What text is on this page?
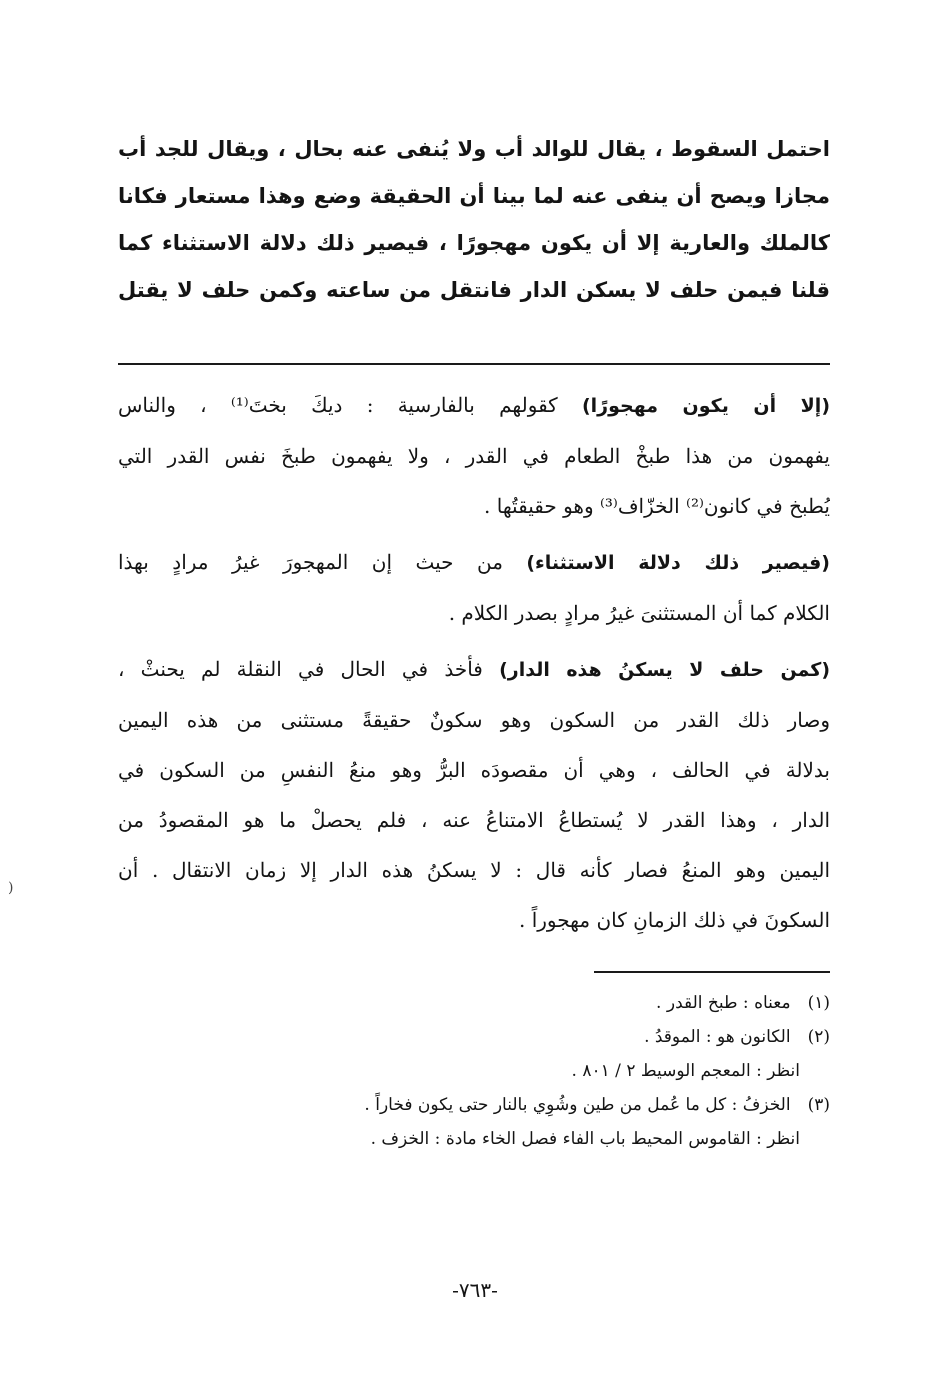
احتمل السقوط ، يقال للوالد أب ولا يُنفى عنه بحال ، ويقال للجد أب
مجازا ويصح أن ينفى عنه لما بينا أن الحقيقة وضع وهذا مستعار فكانا
كالملك والعارية إلا أن يكون مهجورًا ، فيصير ذلك دلالة الاستثناء كما
قلنا فيمن حلف لا يسكن الدار فانتقل من ساعته وكمن حلف لا يقتل
(إلا أن يكون مهجورًا) كقولهم بالفارسية : ديكَ بختَ⁽¹⁾ ، والناس
يفهمون من هذا طبخْ الطعام في القدر ، ولا يفهمون طبخَ نفس القدر التي
يُطبخ في كانون⁽²⁾ الخزّاف⁽³⁾ وهو حقيقتُها .
(فيصير ذلك دلالة الاستثناء) من حيث إن المهجورَ غيرُ مرادٍ بهذا
الكلام كما أن المستثنىَ غيرُ مرادٍ بصدر الكلام .
(كمن حلف لا يسكنُ هذه الدار) فأخذ في الحال في النقلة لم يحنثْ ،
وصار ذلك القدر من السكون وهو سكونٌ حقيقةً مستثنى من هذه اليمين
بدلالة في الحالف ، وهي أن مقصودَه البرُّ وهو منعُ النفسِ من السكون في
الدار ، وهذا القدر لا يُستطاعُ الامتناعُ عنه ، فلم يحصلْ ما هو المقصودُ من
اليمين وهو المنعُ فصار كأنه قال : لا يسكنُ هذه الدار إلا زمان الانتقال . أن
السكونَ في ذلك الزمانِ كان مهجوراً .
(١) معناه : طبخ القدر .
(٢) الكانون هو : الموقدُ .
انظر : المعجم الوسيط ٢ / ٨٠١ .
(٣) الخزفُ : كل ما عُمل من طين وشُوِي بالنار حتى يكون فخاراً .
انظر : القاموس المحيط باب الفاء فصل الخاء مادة : الخزف .
-٧٦٣-
(
